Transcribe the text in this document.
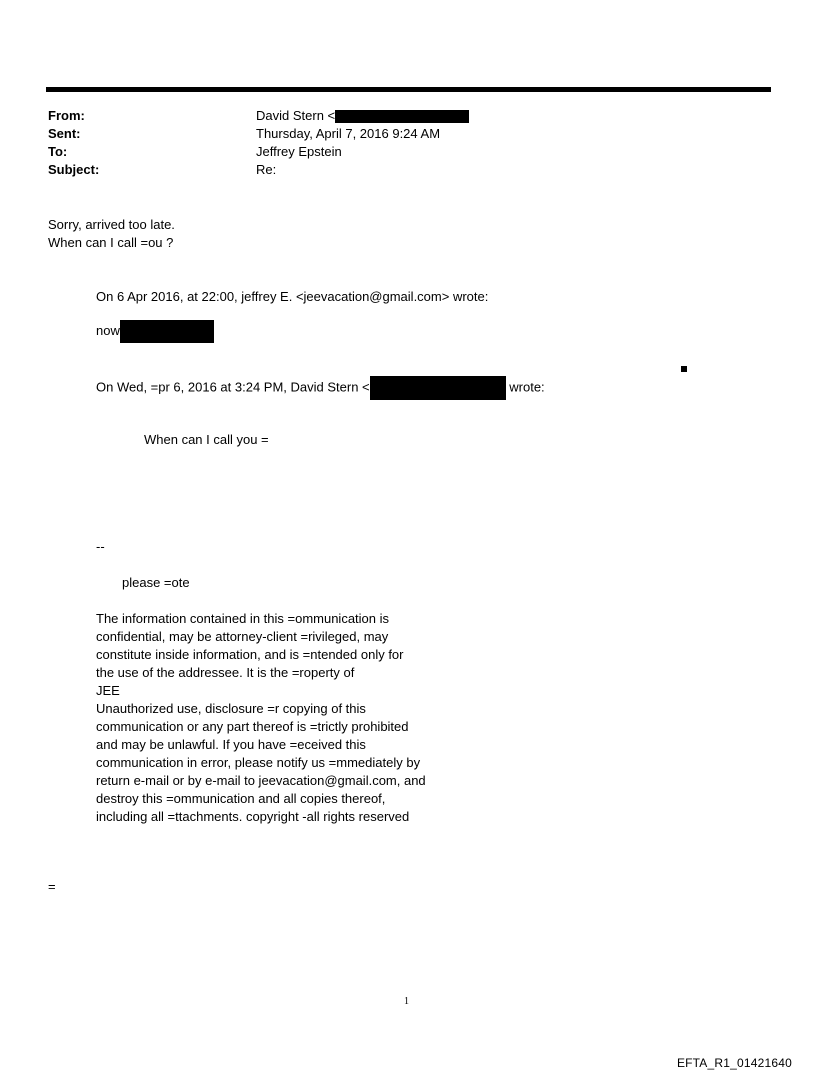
From:	David Stern <
Sent:	Thursday, April 7, 2016 9:24 AM
To:	Jeffrey Epstein
Subject:	Re:
Sorry, arrived too late.
When can I call =ou ?
On 6 Apr 2016, at 22:00, jeffrey E. <jeevacation@gmail.com> wrote:
now
On Wed, =pr 6, 2016 at 3:24 PM, David Stern <	wrote:
When can I call you =
--
please =ote
The information contained in this =ommunication is
confidential, may be attorney-client =rivileged, may
constitute inside information, and is =ntended only for
the use of the addressee. It is the =roperty of
JEE
Unauthorized use, disclosure =r copying of this
communication or any part thereof is =trictly prohibited
and may be unlawful. If you have =eceived this
communication in error, please notify us =mmediately by
return e-mail or by e-mail to jeevacation@gmail.com, and
destroy this =ommunication and all copies thereof,
including all =ttachments. copyright -all rights reserved
=
1
EFTA_R1_01421640
